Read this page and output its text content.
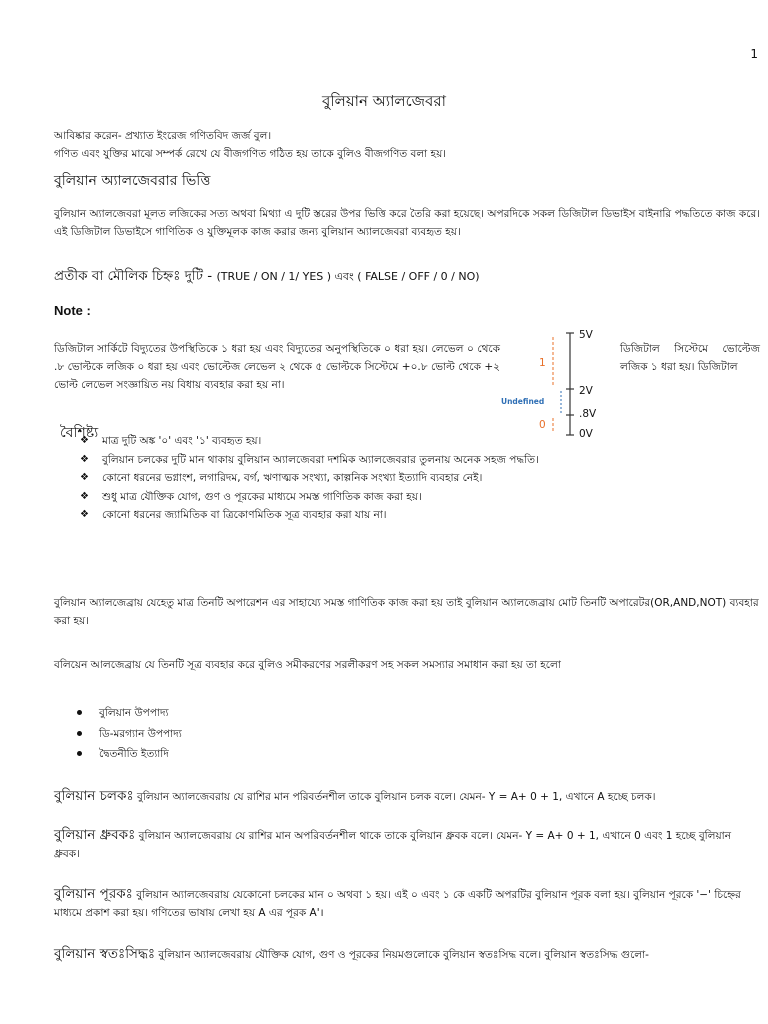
1
বুলিয়ান অ্যালজেবরা
আবিষ্কার করেন- প্রখ্যাত ইংরেজ গণিতবিদ জর্জ বুল।
গণিত এবং যুক্তির মাঝে সম্পর্ক রেখে যে বীজগণিত গঠিত হয় তাকে বুলিও বীজগণিত বলা হয়।
বুলিয়ান অ্যালজেবরার ভিত্তি
বুলিয়ান অ্যালজেবরা মূলত লজিকের সত্য অথবা মিথ্যা এ দুটি স্তরের উপর ভিত্তি করে তৈরি করা হয়েছে। অপরদিকে সকল ডিজিটাল ডিভাইস বাইনারি পদ্ধতিতে কাজ করে। এই ডিজিটাল ডিভাইসে গাণিতিক ও যুক্তিমূলক কাজ করার জন্য বুলিয়ান অ্যালজেবরা ব্যবহৃত হয়।
প্রতীক বা মৌলিক চিহ্নঃ দুটি - (TRUE / ON / 1/ YES ) এবং ( FALSE / OFF / 0 / NO)
Note :
ডিজিটাল সার্কিটে বিদ্যুতের উপস্থিতিকে ১ ধরা হয় এবং বিদ্যুতের অনুপস্থিতিকে ০ ধরা হয়। লেভেল ০ থেকে .৮ ভোল্টকে লজিক ০ ধরা হয় এবং ভোল্টেজ লেভেল ২ থেকে ৫ ভোল্টকে সিস্টেমে +০.৮ ভোল্ট থেকে +২ ভোল্ট লেভেল সংজ্ঞায়িত নয় বিধায় ব্যবহার করা হয় না।
5V
2V
.8V
0V
1
0
Undefined
ডিজিটাল সিস্টেমে ভোল্টেজ লজিক ১ ধরা হয়। ডিজিটাল
বৈশিষ্ট্য
❖ মাত্র দুটি অঙ্ক '০' এবং '১' ব্যবহৃত হয়।
❖ বুলিয়ান চলকের দুটি মান থাকায় বুলিয়ান অ্যালজেবরা দশমিক অ্যালজেবরার তুলনায় অনেক সহজ পদ্ধতি।
❖ কোনো ধরনের ভগ্নাংশ, লগারিদম, বর্গ, ঋণাত্মক সংখ্যা, কাল্পনিক সংখ্যা ইত্যাদি ব্যবহার নেই।
❖ শুধু মাত্র যৌক্তিক যোগ, গুণ ও পূরকের মাধ্যমে সমস্ত গাণিতিক কাজ করা হয়।
❖ কোনো ধরনের জ্যামিতিক বা ত্রিকোণমিতিক সূত্র ব্যবহার করা যায় না।
বুলিয়ান অ্যালজেব্রায় যেহেতু মাত্র তিনটি অপারেশন এর সাহায্যে সমস্ত গাণিতিক কাজ করা হয় তাই বুলিয়ান অ্যালজেব্রায় মোট তিনটি অপারেটর(OR,AND,NOT) ব্যবহার করা হয়।
বলিয়েন আলজেব্রায় যে তিনটি সূত্র ব্যবহার করে বুলিও সমীকরণের সরলীকরণ সহ সকল সমস্যার সমাধান করা হয় তা হলো
বুলিয়ান উপপাদ্য
ডি-মরগ্যান উপপাদ্য
দ্বৈতনীতি ইত্যাদি
বুলিয়ান চলকঃ বুলিয়ান অ্যালজেবরায় যে রাশির মান পরিবর্তনশীল তাকে বুলিয়ান চলক বলে। যেমন- Y = A+ 0 + 1, এখানে A হচ্ছে চলক।
বুলিয়ান ধ্রুবকঃ বুলিয়ান অ্যালজেবরায় যে রাশির মান অপরিবর্তনশীল থাকে তাকে বুলিয়ান ধ্রুবক বলে। যেমন- Y = A+ 0 + 1, এখানে 0 এবং 1 হচ্ছে বুলিয়ান ধ্রুবক।
বুলিয়ান পূরকঃ বুলিয়ান অ্যালজেবরায় যেকোনো চলকের মান ০ অথবা ১ হয়। এই ০ এবং ১ কে একটি অপরটির বুলিয়ান পূরক বলা হয়। বুলিয়ান পূরকে '−' চিহ্নের মাধ্যমে প্রকাশ করা হয়। গণিতের ভাষায় লেখা হয় A এর পূরক A'।
বুলিয়ান স্বতঃসিদ্ধঃ বুলিয়ান অ্যালজেবরায় যৌক্তিক যোগ, গুণ ও পূরকের নিয়মগুলোকে বুলিয়ান স্বতঃসিদ্ধ বলে। বুলিয়ান স্বতঃসিদ্ধ গুলো-
